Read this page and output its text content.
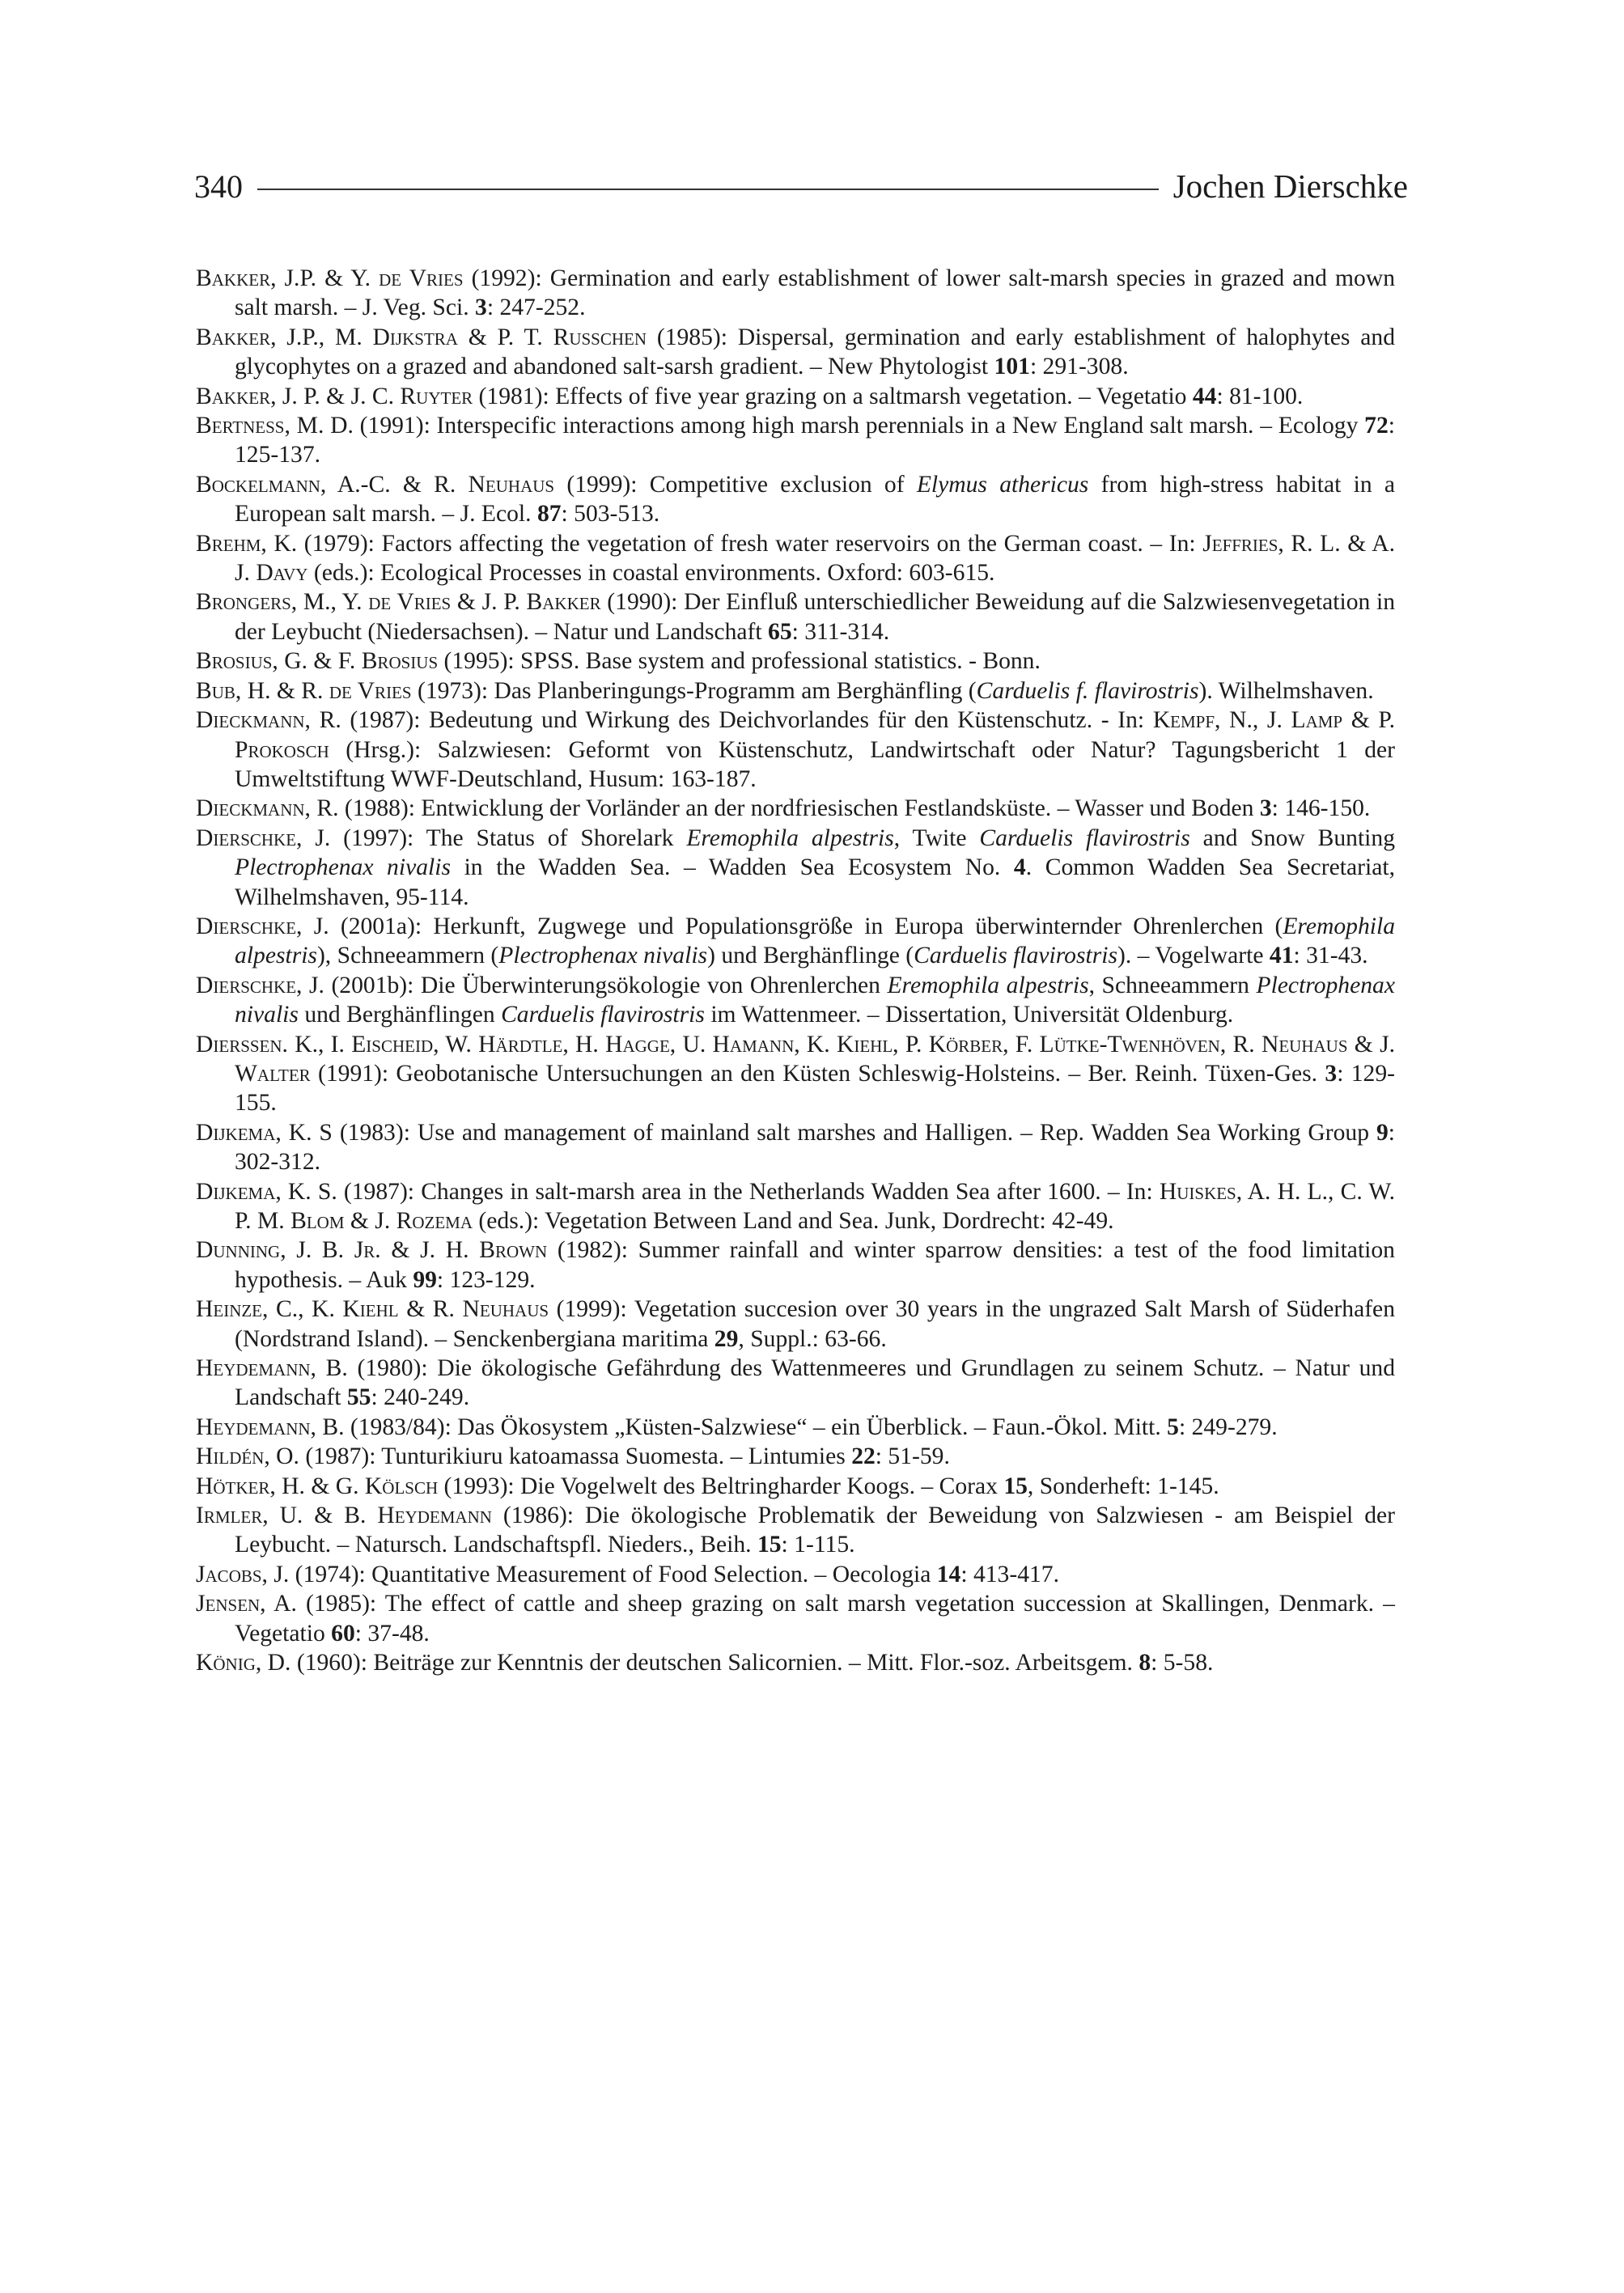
340	Jochen Dierschke
Bakker, J.P. & Y. de Vries (1992): Germination and early establishment of lower salt-marsh species in grazed and mown salt marsh. – J. Veg. Sci. 3: 247-252.
Bakker, J.P., M. Dijkstra & P. T. Russchen (1985): Dispersal, germination and early establishment of halophytes and glycophytes on a grazed and abandoned salt-sarsh gradient. – New Phytologist 101: 291-308.
Bakker, J. P. & J. C. Ruyter (1981): Effects of five year grazing on a saltmarsh vegetation. – Vegetatio 44: 81-100.
Bertness, M. D. (1991): Interspecific interactions among high marsh perennials in a New England salt marsh. – Ecology 72: 125-137.
Bockelmann, A.-C. & R. Neuhaus (1999): Competitive exclusion of Elymus athericus from high-stress habitat in a European salt marsh. – J. Ecol. 87: 503-513.
Brehm, K. (1979): Factors affecting the vegetation of fresh water reservoirs on the German coast. – In: Jeffries, R. L. & A. J. Davy (eds.): Ecological Processes in coastal environments. Oxford: 603-615.
Brongers, M., Y. de Vries & J. P. Bakker (1990): Der Einfluß unterschiedlicher Beweidung auf die Salzwiesenvegetation in der Leybucht (Niedersachsen). – Natur und Landschaft 65: 311-314.
Brosius, G. & F. Brosius (1995): SPSS. Base system and professional statistics. - Bonn.
Bub, H. & R. de Vries (1973): Das Planberingungs-Programm am Berghänfling (Carduelis f. flavirostris). Wilhelmshaven.
Dieckmann, R. (1987): Bedeutung und Wirkung des Deichvorlandes für den Küstenschutz. - In: Kempf, N., J. Lamp & P. Prokosch (Hrsg.): Salzwiesen: Geformt von Küstenschutz, Landwirtschaft oder Natur? Tagungsbericht 1 der Umweltstiftung WWF-Deutschland, Husum: 163-187.
Dieckmann, R. (1988): Entwicklung der Vorländer an der nordfriesischen Festlandsküste. – Wasser und Boden 3: 146-150.
Dierschke, J. (1997): The Status of Shorelark Eremophila alpestris, Twite Carduelis flavirostris and Snow Bunting Plectrophenax nivalis in the Wadden Sea. – Wadden Sea Ecosystem No. 4. Common Wadden Sea Secretariat, Wilhelmshaven, 95-114.
Dierschke, J. (2001a): Herkunft, Zugwege und Populationsgröße in Europa überwinternder Ohrenlerchen (Eremophila alpestris), Schneeammern (Plectrophenax nivalis) und Berghänflinge (Carduelis flavirostris). – Vogelwarte 41: 31-43.
Dierschke, J. (2001b): Die Überwinterungsökologie von Ohrenlerchen Eremophila alpestris, Schneeammern Plectrophenax nivalis und Berghänflingen Carduelis flavirostris im Wattenmeer. – Dissertation, Universität Oldenburg.
Dierßen. K., I. Eischeid, W. Härdtle, H. Hagge, U. Hamann, K. Kiehl, P. Körber, F. Lütke-Twenhöven, R. Neuhaus & J. Walter (1991): Geobotanische Untersuchungen an den Küsten Schleswig-Holsteins. – Ber. Reinh. Tüxen-Ges. 3: 129-155.
Dijkema, K. S (1983): Use and management of mainland salt marshes and Halligen. – Rep. Wadden Sea Working Group 9: 302-312.
Dijkema, K. S. (1987): Changes in salt-marsh area in the Netherlands Wadden Sea after 1600. – In: Huiskes, A. H. L., C. W. P. M. Blom & J. Rozema (eds.): Vegetation Between Land and Sea. Junk, Dordrecht: 42-49.
Dunning, J. B. Jr. & J. H. Brown (1982): Summer rainfall and winter sparrow densities: a test of the food limitation hypothesis. – Auk 99: 123-129.
Heinze, C., K. Kiehl & R. Neuhaus (1999): Vegetation succesion over 30 years in the ungrazed Salt Marsh of Süderhafen (Nordstrand Island). – Senckenbergiana maritima 29, Suppl.: 63-66.
Heydemann, B. (1980): Die ökologische Gefährdung des Wattenmeeres und Grundlagen zu seinem Schutz. – Natur und Landschaft 55: 240-249.
Heydemann, B. (1983/84): Das Ökosystem „Küsten-Salzwiese“ – ein Überblick. – Faun.-Ökol. Mitt. 5: 249-279.
Hildén, O. (1987): Tunturikiuru katoamassa Suomesta. – Lintumies 22: 51-59.
Hötker, H. & G. Kölsch (1993): Die Vogelwelt des Beltringharder Koogs. – Corax 15, Sonderheft: 1-145.
Irmler, U. & B. Heydemann (1986): Die ökologische Problematik der Beweidung von Salzwiesen - am Beispiel der Leybucht. – Natursch. Landschaftspfl. Nieders., Beih. 15: 1-115.
Jacobs, J. (1974): Quantitative Measurement of Food Selection. – Oecologia 14: 413-417.
Jensen, A. (1985): The effect of cattle and sheep grazing on salt marsh vegetation succession at Skallingen, Denmark. – Vegetatio 60: 37-48.
König, D. (1960): Beiträge zur Kenntnis der deutschen Salicornien. – Mitt. Flor.-soz. Arbeitsgem. 8: 5-58.
